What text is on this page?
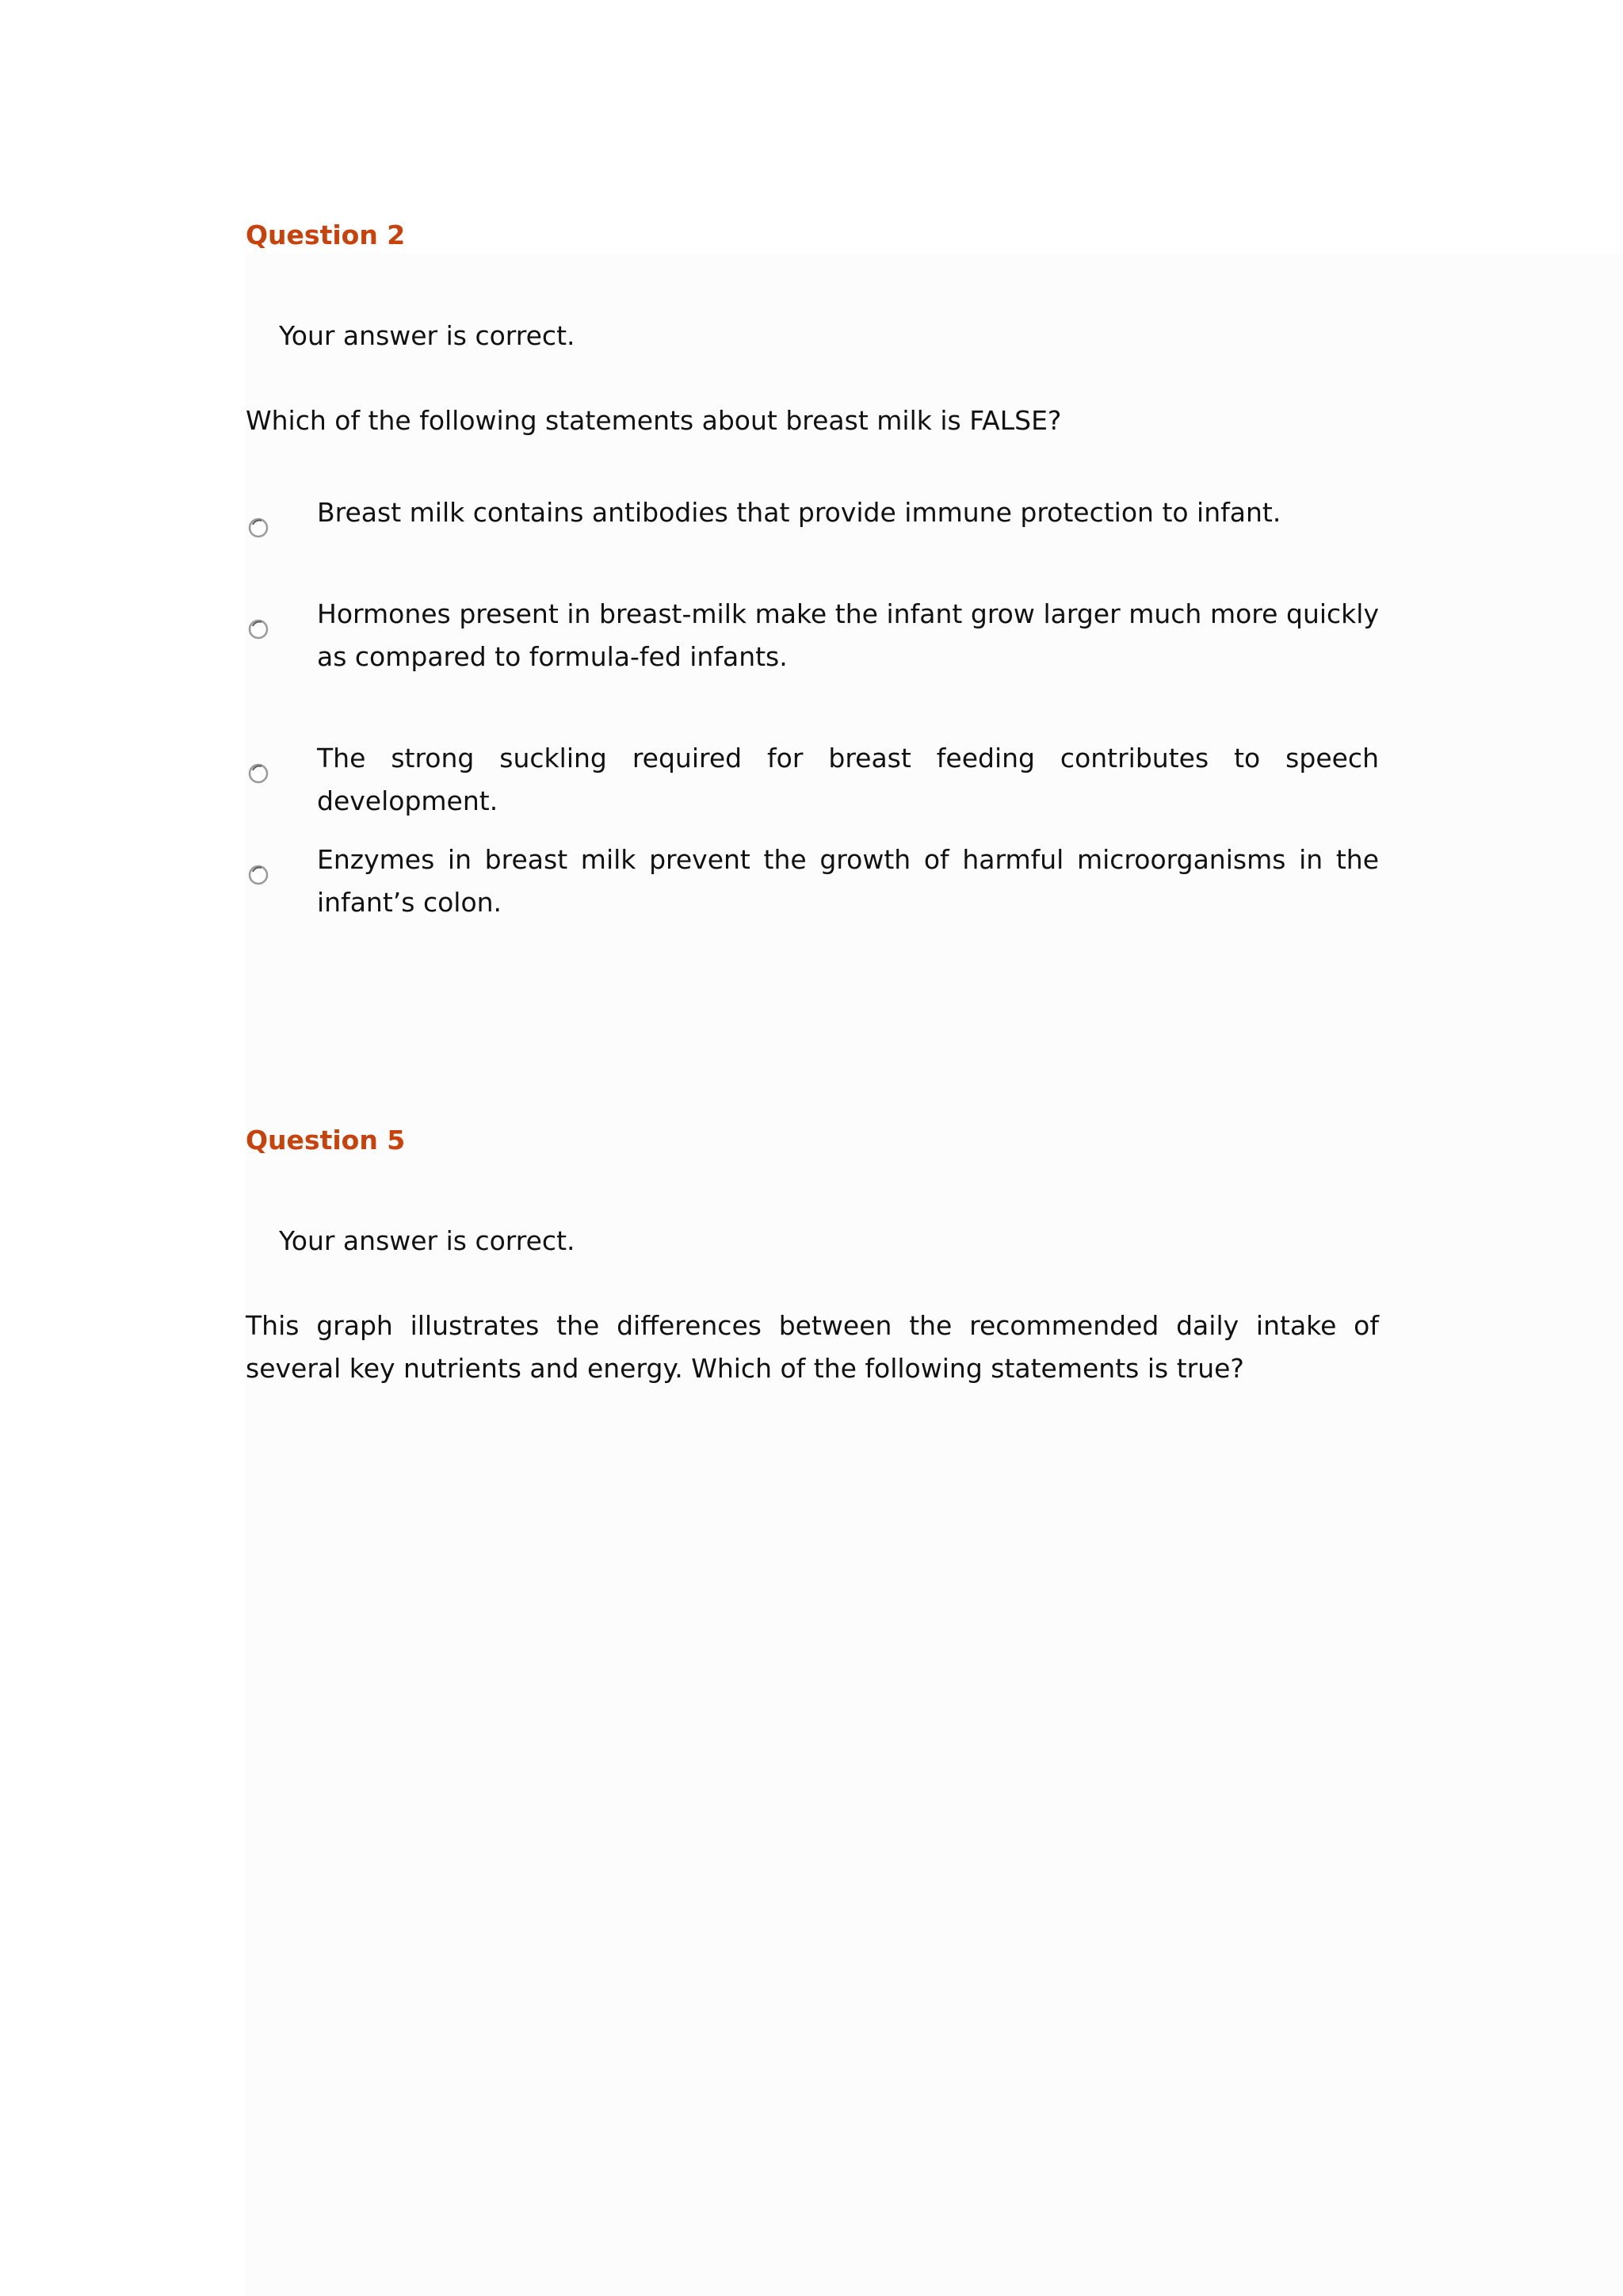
Question 2
Your answer is correct.
Which of the following statements about breast milk is FALSE?
Breast milk contains antibodies that provide immune protection to infant.
Hormones present in breast-milk make the infant grow larger much more quickly as compared to formula-fed infants.
The strong suckling required for breast feeding contributes to speech development.
Enzymes in breast milk prevent the growth of harmful microorganisms in the infant’s colon.
Question 5
Your answer is correct.
This graph illustrates the differences between the recommended daily intake of several key nutrients and energy. Which of the following statements is true?
